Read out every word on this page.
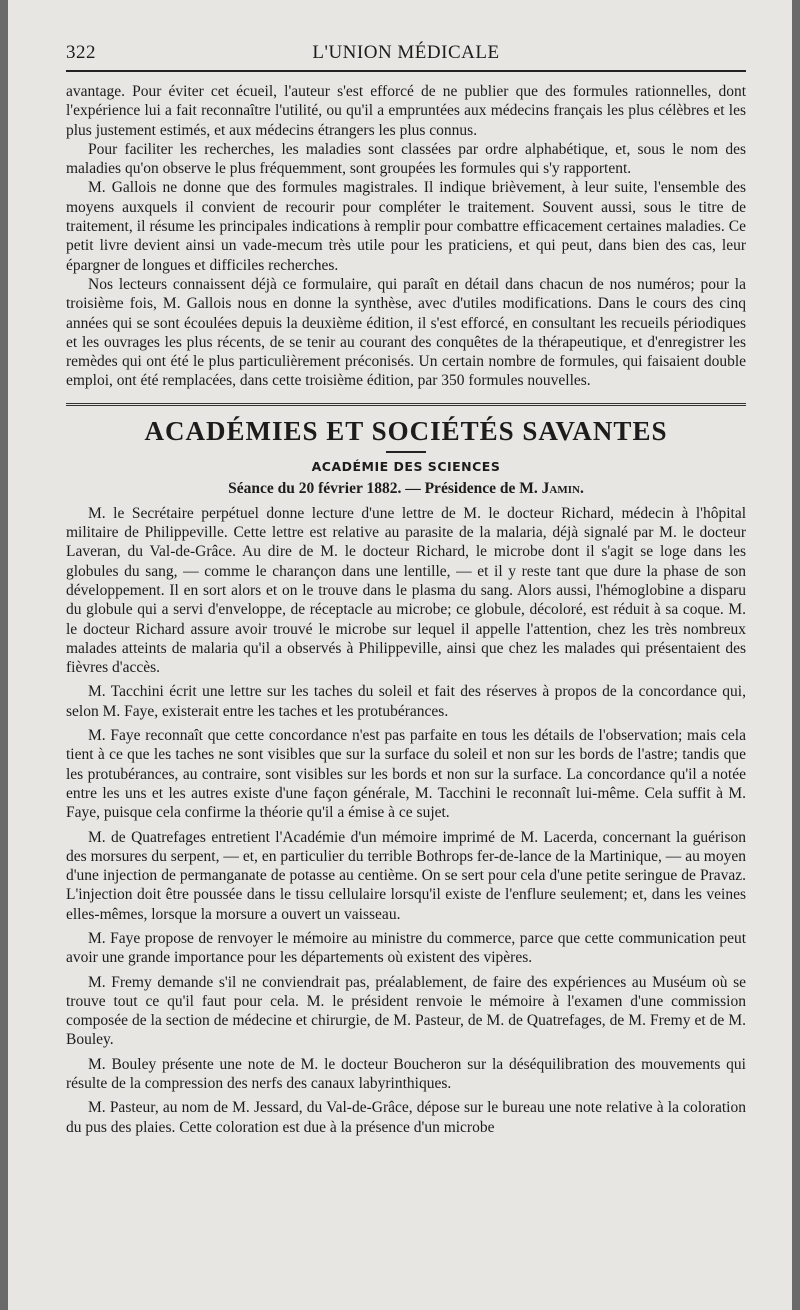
322	L'UNION MÉDICALE

avantage. Pour éviter cet écueil, l'auteur s'est efforcé de ne publier que des formules rationnelles, dont l'expérience lui a fait reconnaître l'utilité, ou qu'il a empruntées aux médecins français les plus célèbres et les plus justement estimés, et aux médecins étrangers les plus connus.

Pour faciliter les recherches, les maladies sont classées par ordre alphabétique, et, sous le nom des maladies qu'on observe le plus fréquemment, sont groupées les formules qui s'y rapportent.

M. Gallois ne donne que des formules magistrales. Il indique brièvement, à leur suite, l'ensemble des moyens auxquels il convient de recourir pour compléter le traitement. Souvent aussi, sous le titre de traitement, il résume les principales indications à remplir pour combattre efficacement certaines maladies. Ce petit livre devient ainsi un vade-mecum très utile pour les praticiens, et qui peut, dans bien des cas, leur épargner de longues et difficiles recherches.

Nos lecteurs connaissent déjà ce formulaire, qui paraît en détail dans chacun de nos numéros; pour la troisième fois, M. Gallois nous en donne la synthèse, avec d'utiles modifications. Dans le cours des cinq années qui se sont écoulées depuis la deuxième édition, il s'est efforcé, en consultant les recueils périodiques et les ouvrages les plus récents, de se tenir au courant des conquêtes de la thérapeutique, et d'enregistrer les remèdes qui ont été le plus particulièrement préconisés. Un certain nombre de formules, qui faisaient double emploi, ont été remplacées, dans cette troisième édition, par 350 formules nouvelles.

ACADÉMIES ET SOCIÉTÉS SAVANTES
ACADÉMIE DES SCIENCES
Séance du 20 février 1882. — Présidence de M. Jamin.

M. le Secrétaire perpétuel donne lecture d'une lettre de M. le docteur Richard, médecin à l'hôpital militaire de Philippeville. Cette lettre est relative au parasite de la malaria, déjà signalé par M. le docteur Laveran, du Val-de-Grâce. Au dire de M. le docteur Richard, le microbe dont il s'agit se loge dans les globules du sang, — comme le charançon dans une lentille, — et il y reste tant que dure la phase de son développement. Il en sort alors et on le trouve dans le plasma du sang. Alors aussi, l'hémoglobine a disparu du globule qui a servi d'enveloppe, de réceptacle au microbe; ce globule, décoloré, est réduit à sa coque. M. le docteur Richard assure avoir trouvé le microbe sur lequel il appelle l'attention, chez les très nombreux malades atteints de malaria qu'il a observés à Philippeville, ainsi que chez les malades qui présentaient des fièvres d'accès.

M. Tacchini écrit une lettre sur les taches du soleil et fait des réserves à propos de la concordance qui, selon M. Faye, existerait entre les taches et les protubérances.

M. Faye reconnaît que cette concordance n'est pas parfaite en tous les détails de l'observation; mais cela tient à ce que les taches ne sont visibles que sur la surface du soleil et non sur les bords de l'astre; tandis que les protubérances, au contraire, sont visibles sur les bords et non sur la surface. La concordance qu'il a notée entre les uns et les autres existe d'une façon générale, M. Tacchini le reconnaît lui-même. Cela suffit à M. Faye, puisque cela confirme la théorie qu'il a émise à ce sujet.

M. de Quatrefages entretient l'Académie d'un mémoire imprimé de M. Lacerda, concernant la guérison des morsures du serpent, — et, en particulier du terrible Bothrops fer-de-lance de la Martinique, — au moyen d'une injection de permanganate de potasse au centième. On se sert pour cela d'une petite seringue de Pravaz. L'injection doit être poussée dans le tissu cellulaire lorsqu'il existe de l'enflure seulement; et, dans les veines elles-mêmes, lorsque la morsure a ouvert un vaisseau.

M. Faye propose de renvoyer le mémoire au ministre du commerce, parce que cette communication peut avoir une grande importance pour les départements où existent des vipères.

M. Fremy demande s'il ne conviendrait pas, préalablement, de faire des expériences au Muséum où se trouve tout ce qu'il faut pour cela. M. le président renvoie le mémoire à l'examen d'une commission composée de la section de médecine et chirurgie, de M. Pasteur, de M. de Quatrefages, de M. Fremy et de M. Bouley.

M. Bouley présente une note de M. le docteur Boucheron sur la déséquilibration des mouvements qui résulte de la compression des nerfs des canaux labyrinthiques.

M. Pasteur, au nom de M. Jessard, du Val-de-Grâce, dépose sur le bureau une note relative à la coloration du pus des plaies. Cette coloration est due à la présence d'un microbe
